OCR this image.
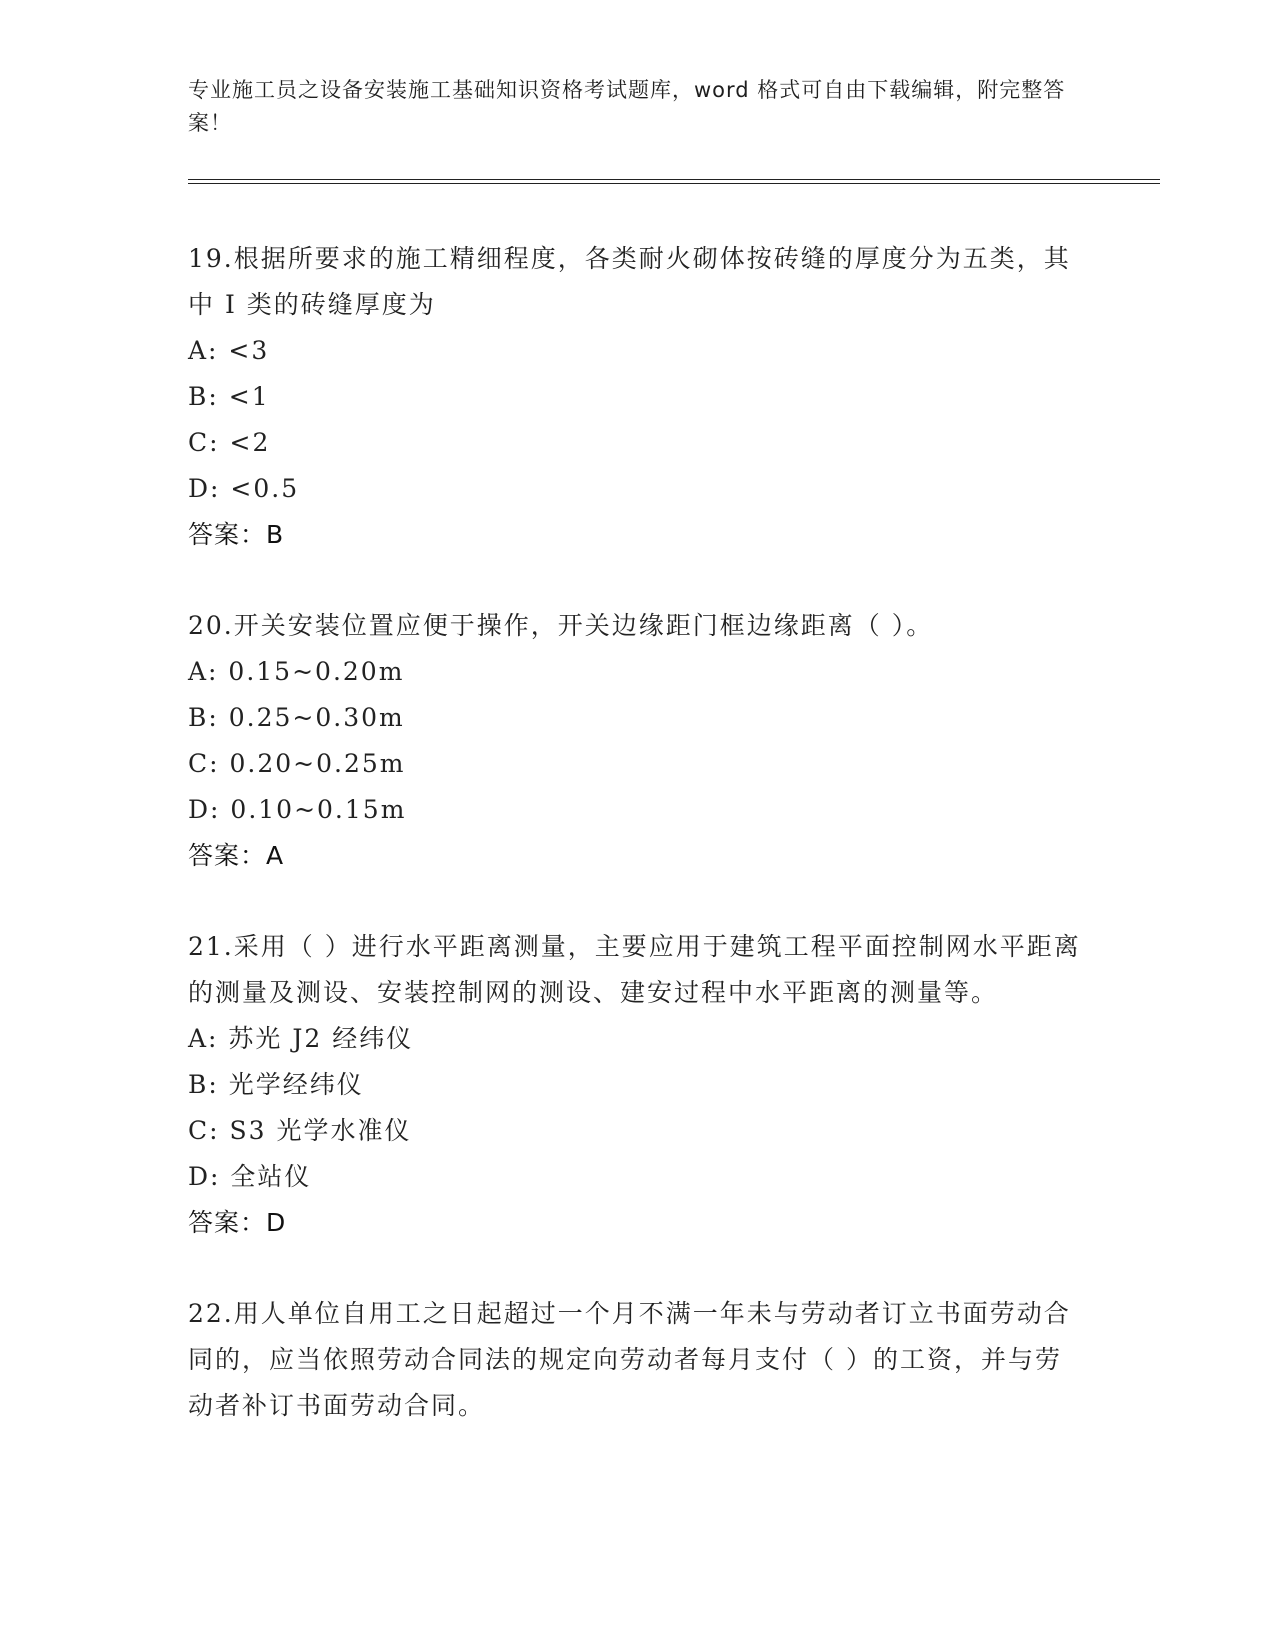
专业施工员之设备安装施工基础知识资格考试题库，word 格式可自由下载编辑，附完整答案！
19.根据所要求的施工精细程度，各类耐火砌体按砖缝的厚度分为五类，其中 I 类的砖缝厚度为
A: <3
B: <1
C: <2
D: <0.5
答案：B
20.开关安装位置应便于操作，开关边缘距门框边缘距离（ ）。
A: 0.15~0.20m
B: 0.25~0.30m
C: 0.20~0.25m
D: 0.10~0.15m
答案：A
21.采用（ ）进行水平距离测量，主要应用于建筑工程平面控制网水平距离的测量及测设、安装控制网的测设、建安过程中水平距离的测量等。
A: 苏光 J2 经纬仪
B: 光学经纬仪
C: S3 光学水准仪
D: 全站仪
答案：D
22.用人单位自用工之日起超过一个月不满一年未与劳动者订立书面劳动合同的，应当依照劳动合同法的规定向劳动者每月支付（ ）的工资，并与劳动者补订书面劳动合同。
